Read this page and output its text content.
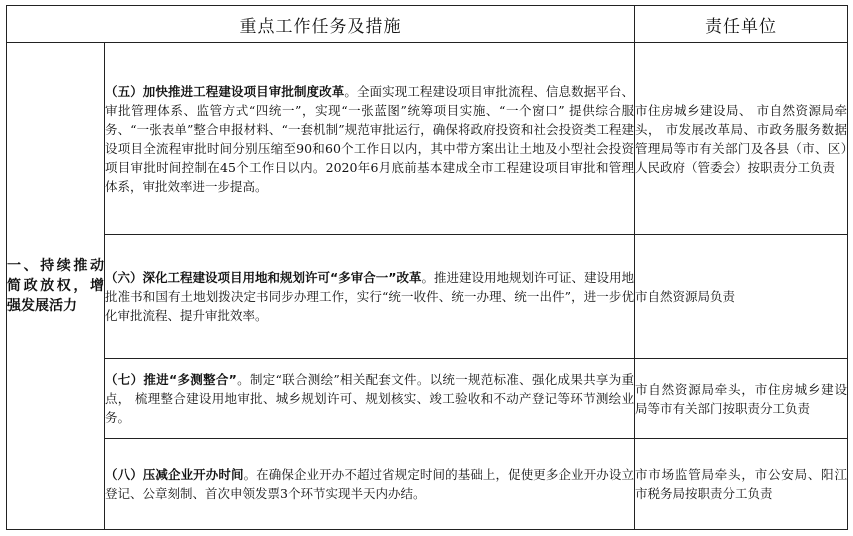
重点工作任务及措施		责任单位
一、持续推动简政放权，增强发展活力	（五）加快推进工程建设项目审批制度改革。全面实现工程建设项目审批流程、信息数据平台、审批管理体系、监管方式“四统一”，实现“一张蓝图”统筹项目实施、“一个窗口” 提供综合服务、“一张表单”整合申报材料、“一套机制”规范审批运行，确保将政府投资和社会投资类工程建设项目全流程审批时间分别压缩至90和60个工作日以内，其中带方案出让土地及小型社会投资项目审批时间控制在45个工作日以内。2020年6月底前基本建成全市工程建设项目审批和管理体系，审批效率进一步提高。	市住房城乡建设局、 市自然资源局牵头， 市发展改革局、市政务服务数据管理局等市有关部门及各县（市、区）人民政府（管委会）按职责分工负责
	（六）深化工程建设项目用地和规划许可“多审合一”改革。推进建设用地规划许可证、建设用地批准书和国有土地划拨决定书同步办理工作，实行“统一收件、统一办理、统一出件”，进一步优化审批流程、提升审批效率。	市自然资源局负责
	（七）推进“多测整合”。制定“联合测绘”相关配套文件。以统一规范标准、强化成果共享为重点， 梳理整合建设用地审批、城乡规划许可、规划核实、竣工验收和不动产登记等环节测绘业务。	市自然资源局牵头，市住房城乡建设局等市有关部门按职责分工负责
	（八）压减企业开办时间。在确保企业开办不超过省规定时间的基础上，促使更多企业开办设立登记、公章刻制、首次申领发票3个环节实现半天内办结。	市市场监管局牵头，市公安局、阳江市税务局按职责分工负责
